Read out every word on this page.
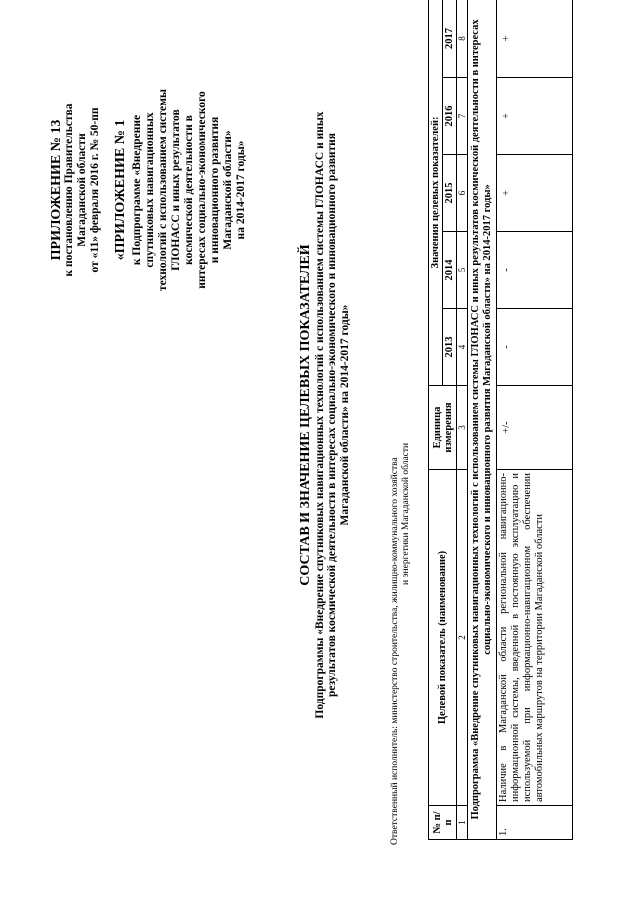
ПРИЛОЖЕНИЕ № 13 к постановлению Правительства Магаданской области от «11» февраля 2016 г. № 50-пп «ПРИЛОЖЕНИЕ № 1 к Подпрограмме «Внедрение спутниковых навигационных технологий с использованием системы ГЛОНАСС и иных результатов космической деятельности в интересах социально-экономического и инновационного развития Магаданской области» на 2014-2017 годы»

СОСТАВ И ЗНАЧЕНИЕ ЦЕЛЕВЫХ ПОКАЗАТЕЛЕЙ Подпрограммы «Внедрение спутниковых навигационных технологий с использованием системы ГЛОНАСС и иных результатов космической деятельности в интересах социально-экономического и инновационного развития Магаданской области» на 2014-2017 годы»
Ответственный исполнитель: министерство строительства, жилищно-коммунального хозяйства и энергетики Магаданской области
№ п/п	Целевой показатель (наименование)	Единица измерения	Значения целевых показателей:				
			2013	2014	2015	2016	2017
1	2	3	4	5	6	7	8
Подпрограмма «Внедрение спутниковых навигационных технологий с использованием системы ГЛОНАСС и иных результатов космической деятельности в интересах социально-экономического и инновационного развития Магаданской области» на 2014-2017 годы»							
1.	Наличие в Магаданской области региональной навигационно-информационной системы, введенной в постоянную эксплуатацию и используемой при информационно-навигационном обеспечении автомобильных маршрутов на территории Магаданской области	+/-	-	-	+	+	+
